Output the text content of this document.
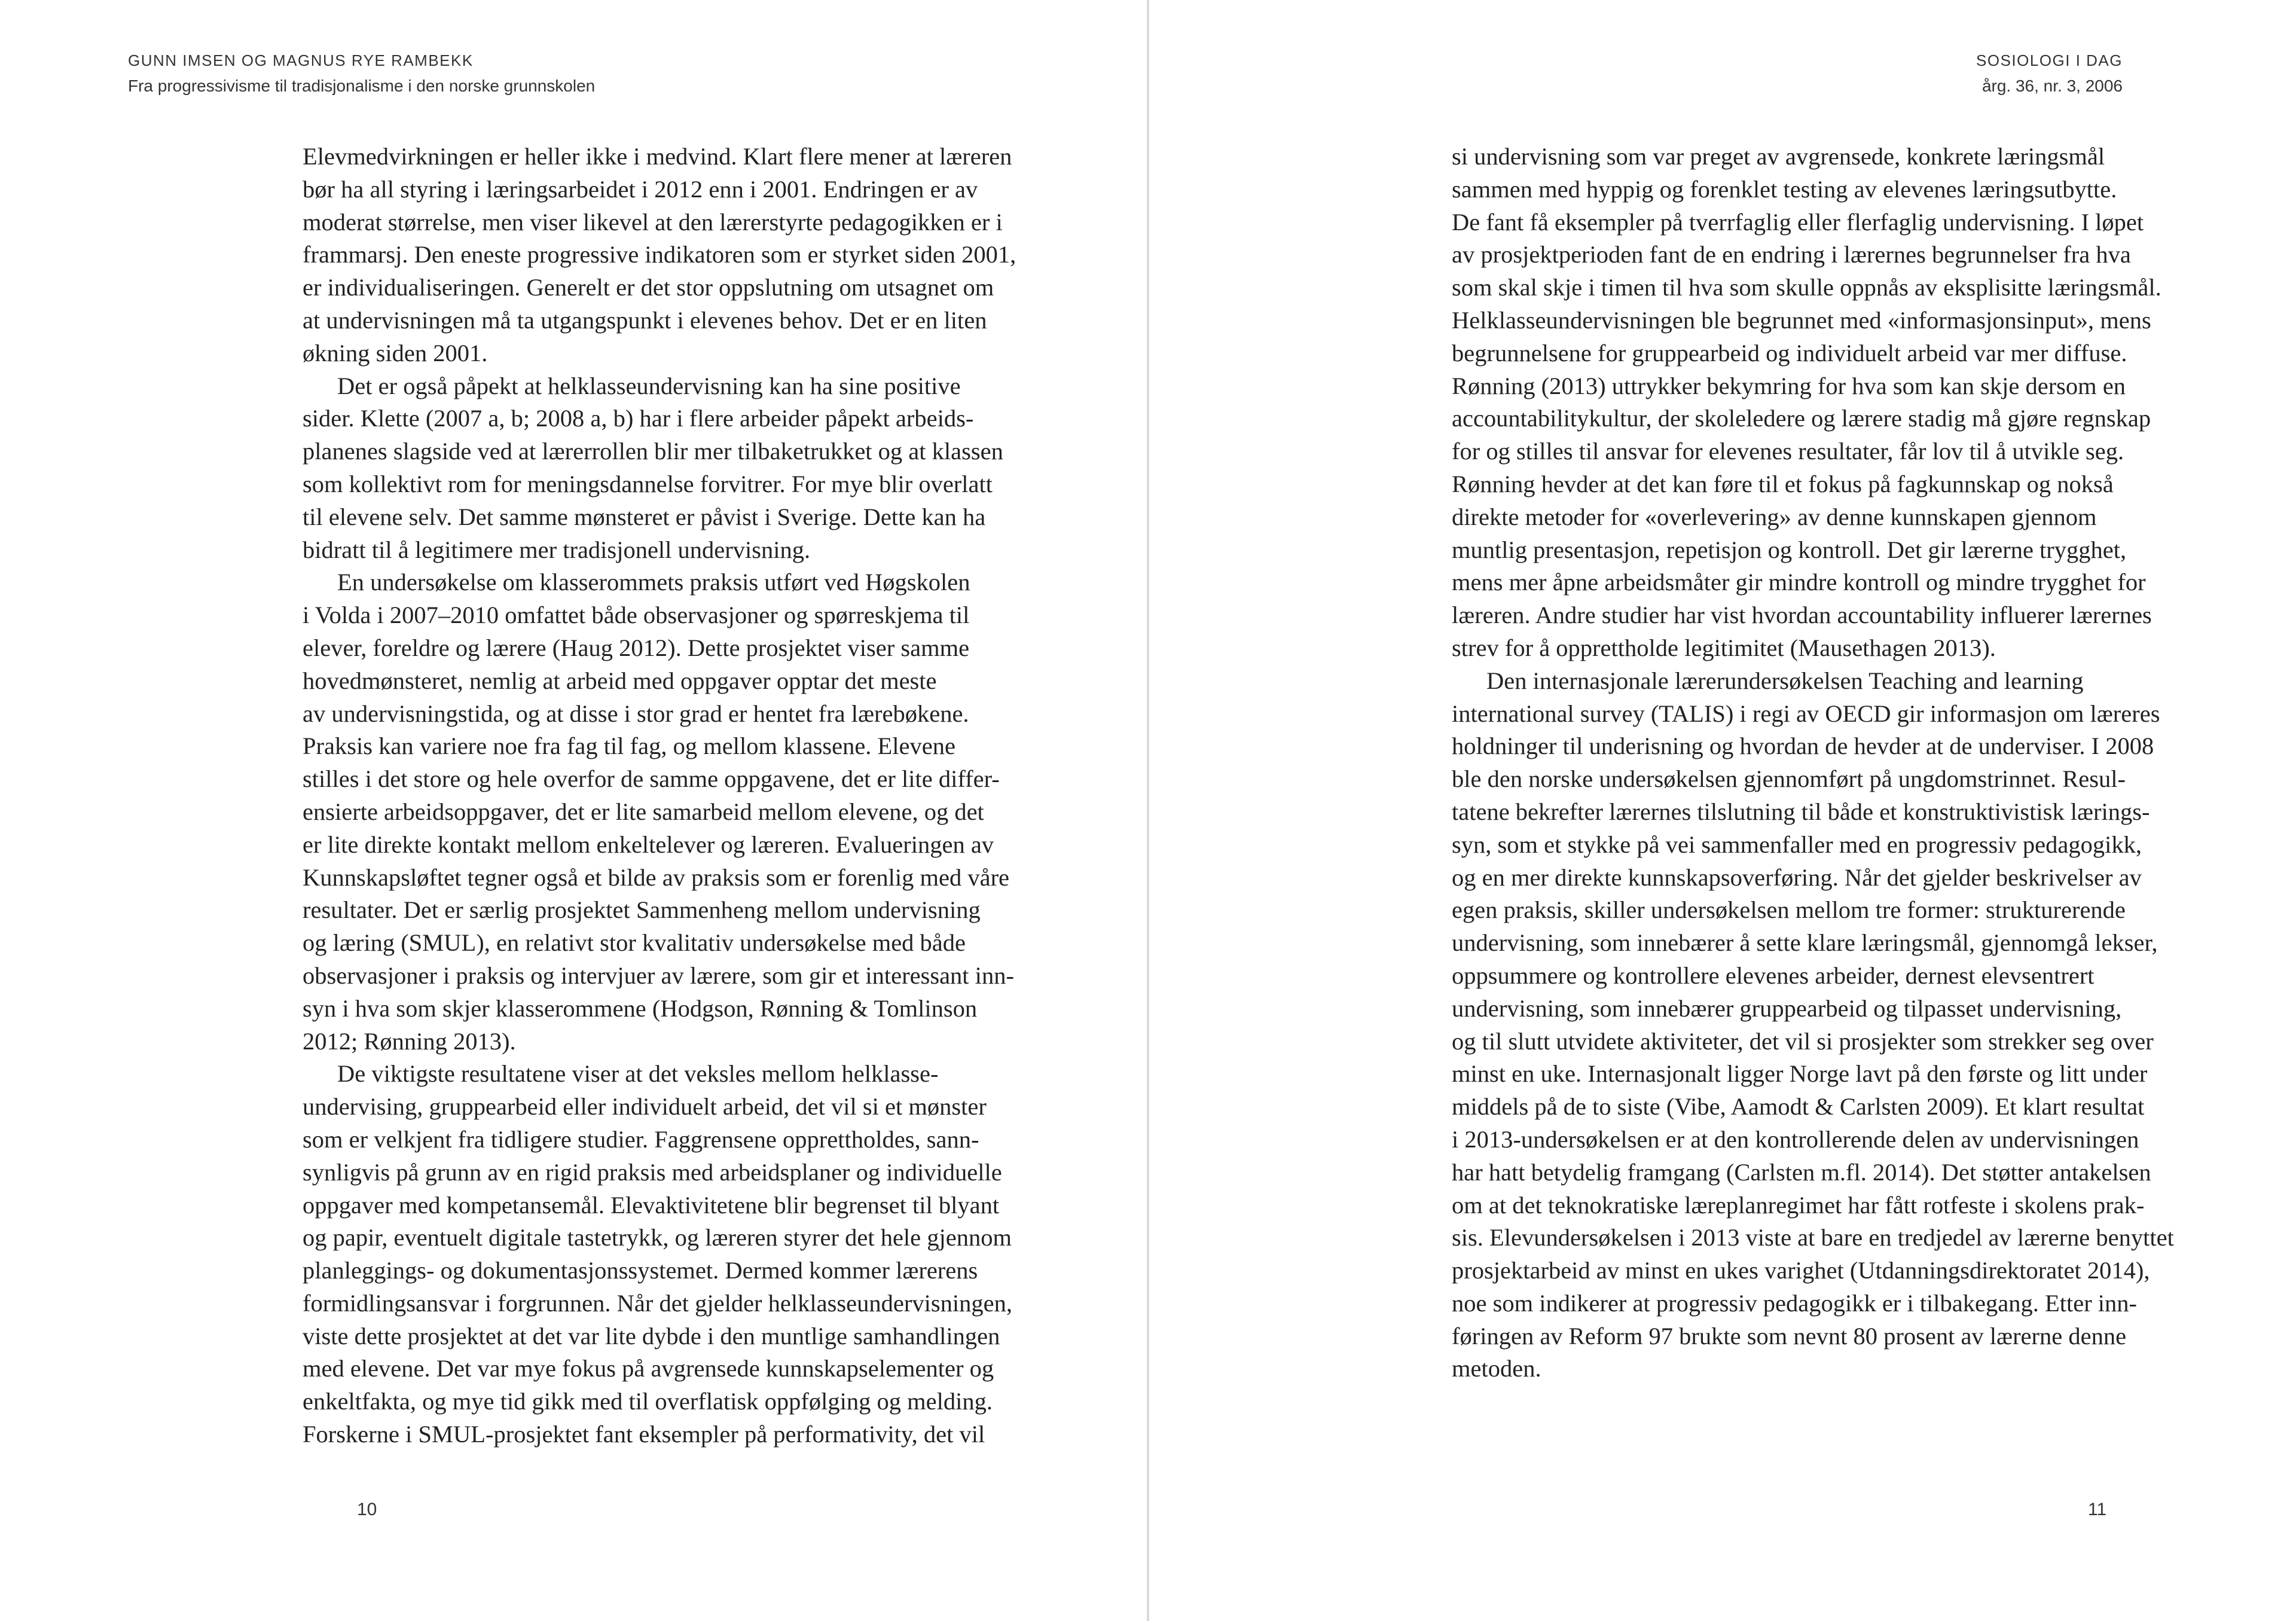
GUNN IMSEN OG MAGNUS RYE RAMBEKK
Fra progressivisme til tradisjonalisme i den norske grunnskolen

Elevmedvirkningen er heller ikke i medvind. Klart flere mener at læreren
bør ha all styring i læringsarbeidet i 2012 enn i 2001. Endringen er av
moderat størrelse, men viser likevel at den lærerstyrte pedagogikken er i
frammarsj. Den eneste progressive indikatoren som er styrket siden 2001,
er individualiseringen. Generelt er det stor oppslutning om utsagnet om
at undervisningen må ta utgangspunkt i elevenes behov. Det er en liten
økning siden 2001.

Det er også påpekt at helklasseundervisning kan ha sine positive
sider. Klette (2007 a, b; 2008 a, b) har i flere arbeider påpekt arbeids-
planenes slagside ved at lærerrollen blir mer tilbaketrukket og at klassen
som kollektivt rom for meningsdannelse forvitrer. For mye blir overlatt
til elevene selv. Det samme mønsteret er påvist i Sverige. Dette kan ha
bidratt til å legitimere mer tradisjonell undervisning.

En undersøkelse om klasserommets praksis utført ved Høgskolen
i Volda i 2007–2010 omfattet både observasjoner og spørreskjema til
elever, foreldre og lærere (Haug 2012). Dette prosjektet viser samme
hovedmønsteret, nemlig at arbeid med oppgaver opptar det meste
av undervisningstida, og at disse i stor grad er hentet fra lærebøkene.
Praksis kan variere noe fra fag til fag, og mellom klassene. Elevene
stilles i det store og hele overfor de samme oppgavene, det er lite differ-
ensierte arbeidsoppgaver, det er lite samarbeid mellom elevene, og det
er lite direkte kontakt mellom enkeltelever og læreren. Evalueringen av
Kunnskapsløftet tegner også et bilde av praksis som er forenlig med våre
resultater. Det er særlig prosjektet Sammenheng mellom undervisning
og læring (SMUL), en relativt stor kvalitativ undersøkelse med både
observasjoner i praksis og intervjuer av lærere, som gir et interessant inn-
syn i hva som skjer klasserommene (Hodgson, Rønning & Tomlinson
2012; Rønning 2013).

De viktigste resultatene viser at det veksles mellom helklasse-
undervising, gruppearbeid eller individuelt arbeid, det vil si et mønster
som er velkjent fra tidligere studier. Faggrensene opprettholdes, sann-
synligvis på grunn av en rigid praksis med arbeidsplaner og individuelle
oppgaver med kompetansemål. Elevaktivitetene blir begrenset til blyant
og papir, eventuelt digitale tastetrykk, og læreren styrer det hele gjennom
planleggings- og dokumentasjonssystemet. Dermed kommer lærerens
formidlingsansvar i forgrunnen. Når det gjelder helklasseundervisningen,
viste dette prosjektet at det var lite dybde i den muntlige samhandlingen
med elevene. Det var mye fokus på avgrensede kunnskapselementer og
enkeltfakta, og mye tid gikk med til overflatisk oppfølging og melding.
Forskerne i SMUL-prosjektet fant eksempler på performativity, det vil

10
SOSIOLOGI I DAG
årg. 36, nr. 3, 2006

si undervisning som var preget av avgrensede, konkrete læringsmål
sammen med hyppig og forenklet testing av elevenes læringsutbytte.
De fant få eksempler på tverrfaglig eller flerfaglig undervisning. I løpet
av prosjektperioden fant de en endring i lærernes begrunnelser fra hva
som skal skje i timen til hva som skulle oppnås av eksplisitte læringsmål.
Helklasseundervisningen ble begrunnet med «informasjonsinput», mens
begrunnelsene for gruppearbeid og individuelt arbeid var mer diffuse.
Rønning (2013) uttrykker bekymring for hva som kan skje dersom en
accountabilitykultur, der skoleledere og lærere stadig må gjøre regnskap
for og stilles til ansvar for elevenes resultater, får lov til å utvikle seg.
Rønning hevder at det kan føre til et fokus på fagkunnskap og nokså
direkte metoder for «overlevering» av denne kunnskapen gjennom
muntlig presentasjon, repetisjon og kontroll. Det gir lærerne trygghet,
mens mer åpne arbeidsmåter gir mindre kontroll og mindre trygghet for
læreren. Andre studier har vist hvordan accountability influerer lærernes
strev for å opprettholde legitimitet (Mausethagen 2013).

Den internasjonale lærerundersøkelsen Teaching and learning
international survey (TALIS) i regi av OECD gir informasjon om læreres
holdninger til underisning og hvordan de hevder at de underviser. I 2008
ble den norske undersøkelsen gjennomført på ungdomstrinnet. Resul-
tatene bekrefter lærernes tilslutning til både et konstruktivistisk lærings-
syn, som et stykke på vei sammenfaller med en progressiv pedagogikk,
og en mer direkte kunnskapsoverføring. Når det gjelder beskrivelser av
egen praksis, skiller undersøkelsen mellom tre former: strukturerende
undervisning, som innebærer å sette klare læringsmål, gjennomgå lekser,
oppsummere og kontrollere elevenes arbeider, dernest elevsentrert
undervisning, som innebærer gruppearbeid og tilpasset undervisning,
og til slutt utvidete aktiviteter, det vil si prosjekter som strekker seg over
minst en uke. Internasjonalt ligger Norge lavt på den første og litt under
middels på de to siste (Vibe, Aamodt & Carlsten 2009). Et klart resultat
i 2013-undersøkelsen er at den kontrollerende delen av undervisningen
har hatt betydelig framgang (Carlsten m.fl. 2014). Det støtter antakelsen
om at det teknokratiske læreplanregimet har fått rotfeste i skolens prak-
sis. Elevundersøkelsen i 2013 viste at bare en tredjedel av lærerne benyttet
prosjektarbeid av minst en ukes varighet (Utdanningsdirektoratet 2014),
noe som indikerer at progressiv pedagogikk er i tilbakegang. Etter inn-
føringen av Reform 97 brukte som nevnt 80 prosent av lærerne denne
metoden.

11
